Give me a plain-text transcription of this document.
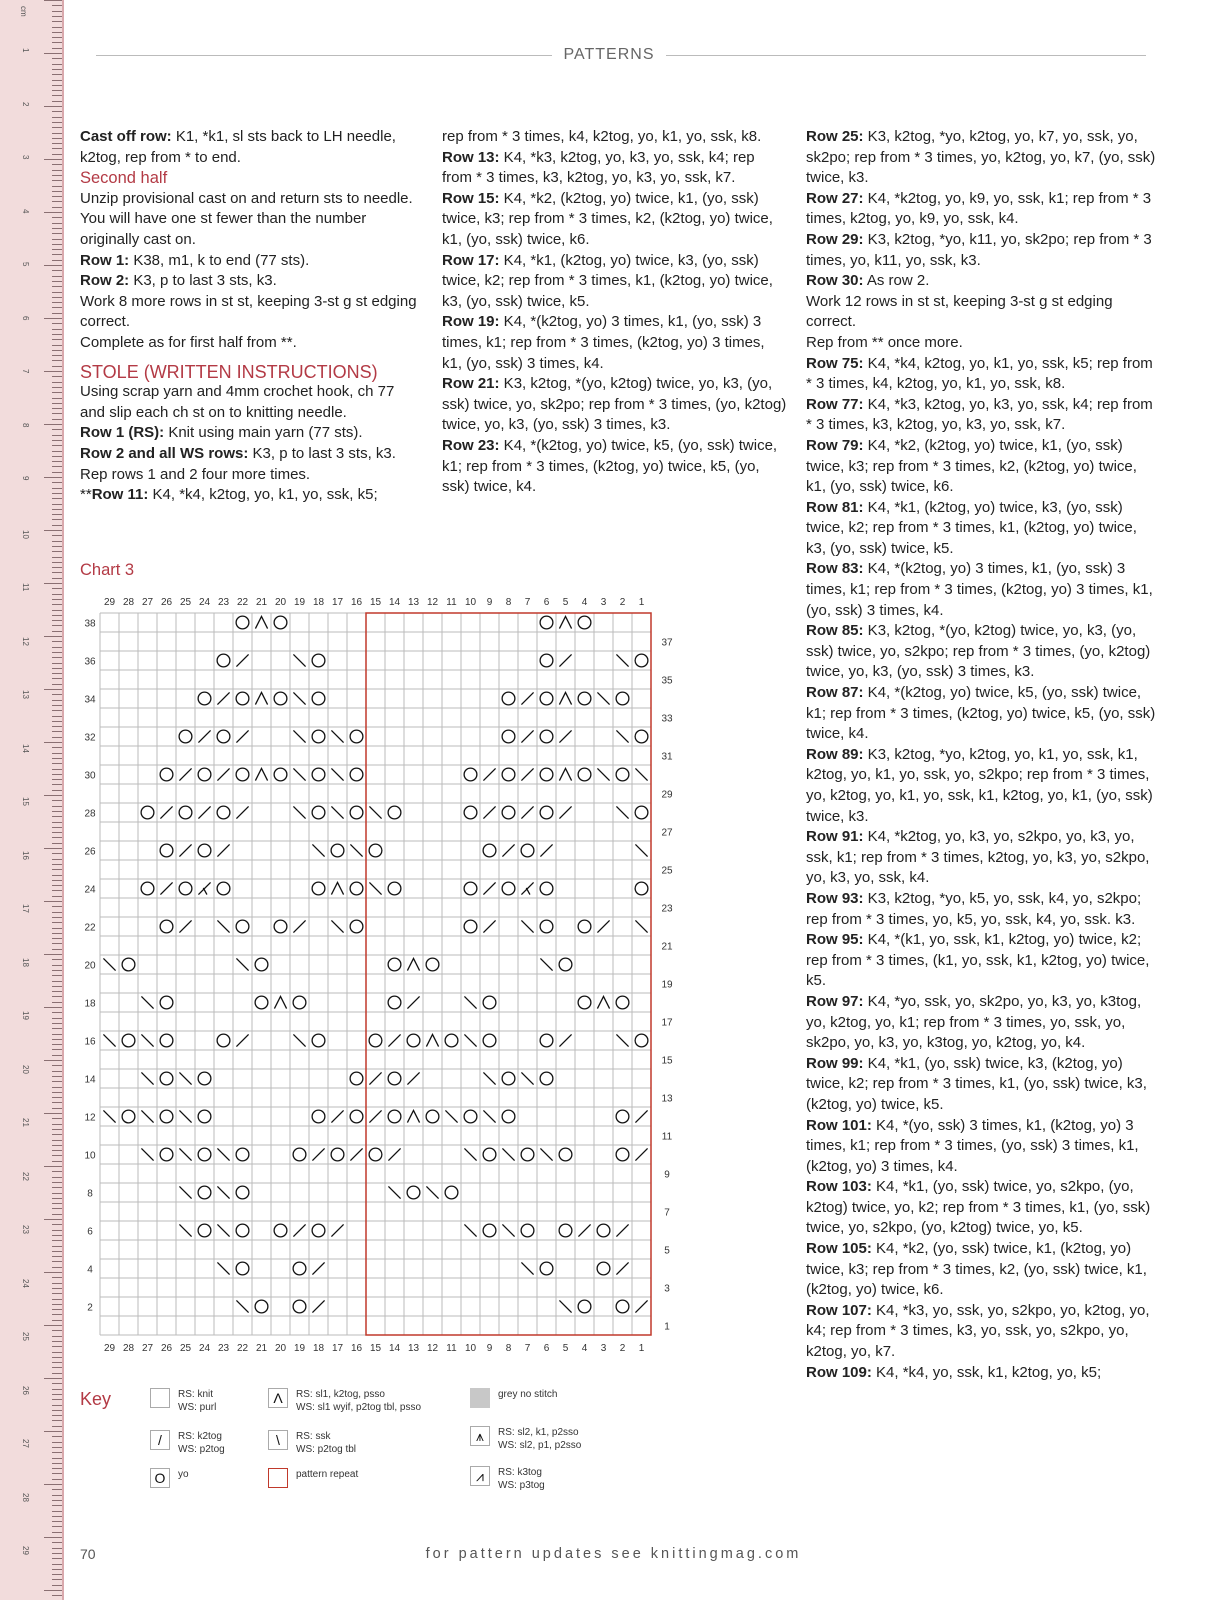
cm
1
2
3
4
5
6
7
8
9
10
11
12
13
14
15
16
17
18
19
20
21
22
23
24
25
26
27
28
29
PATTERNS

Cast off row: K1, *k1, sl sts back to LH needle, k2tog, rep from * to end.

Second half

Unzip provisional cast on and return sts to needle. You will have one st fewer than the number originally cast on.

Row 1: K38, m1, k to end (77 sts).

Row 2: K3, p to last 3 sts, k3.

Work 8 more rows in st st, keeping 3-st g st edging correct.

Complete as for first half from **.

STOLE (WRITTEN INSTRUCTIONS)

Using scrap yarn and 4mm crochet hook, ch 77 and slip each ch st on to knitting needle.

Row 1 (RS): Knit using main yarn (77 sts).

Row 2 and all WS rows: K3, p to last 3 sts, k3.

Rep rows 1 and 2 four more times.

**Row 11: K4, *k4, k2tog, yo, k1, yo, ssk, k5;

rep from * 3 times, k4, k2tog, yo, k1, yo, ssk, k8.

Row 13: K4, *k3, k2tog, yo, k3, yo, ssk, k4; rep from * 3 times, k3, k2tog, yo, k3, yo, ssk, k7.

Row 15: K4, *k2, (k2tog, yo) twice, k1, (yo, ssk) twice, k3; rep from * 3 times, k2, (k2tog, yo) twice, k1, (yo, ssk) twice, k6.

Row 17: K4, *k1, (k2tog, yo) twice, k3, (yo, ssk) twice, k2; rep from * 3 times, k1, (k2tog, yo) twice, k3, (yo, ssk) twice, k5.

Row 19: K4, *(k2tog, yo) 3 times, k1, (yo, ssk) 3 times, k1; rep from * 3 times, (k2tog, yo) 3 times, k1, (yo, ssk) 3 times, k4.

Row 21: K3, k2tog, *(yo, k2tog) twice, yo, k3, (yo, ssk) twice, yo, sk2po; rep from * 3 times, (yo, k2tog) twice, yo, k3, (yo, ssk) 3 times, k3.

Row 23: K4, *(k2tog, yo) twice, k5, (yo, ssk) twice, k1; rep from * 3 times, (k2tog, yo) twice, k5, (yo, ssk) twice, k4.

Row 25: K3, k2tog, *yo, k2tog, yo, k7, yo, ssk, yo, sk2po; rep from * 3 times, yo, k2tog, yo, k7, (yo, ssk) twice, k3.

Row 27: K4, *k2tog, yo, k9, yo, ssk, k1; rep from * 3 times, k2tog, yo, k9, yo, ssk, k4.

Row 29: K3, k2tog, *yo, k11, yo, sk2po; rep from * 3 times, yo, k11, yo, ssk, k3.

Row 30: As row 2.

Work 12 rows in st st, keeping 3-st g st edging correct.

Rep from ** once more.

Row 75: K4, *k4, k2tog, yo, k1, yo, ssk, k5; rep from * 3 times, k4, k2tog, yo, k1, yo, ssk, k8.

Row 77: K4, *k3, k2tog, yo, k3, yo, ssk, k4; rep from * 3 times, k3, k2tog, yo, k3, yo, ssk, k7.

Row 79: K4, *k2, (k2tog, yo) twice, k1, (yo, ssk) twice, k3; rep from * 3 times, k2, (k2tog, yo) twice, k1, (yo, ssk) twice, k6.

Row 81: K4, *k1, (k2tog, yo) twice, k3, (yo, ssk) twice, k2; rep from * 3 times, k1, (k2tog, yo) twice, k3, (yo, ssk) twice, k5.

Row 83: K4, *(k2tog, yo) 3 times, k1, (yo, ssk) 3 times, k1; rep from * 3 times, (k2tog, yo) 3 times, k1, (yo, ssk) 3 times, k4.

Row 85: K3, k2tog, *(yo, k2tog) twice, yo, k3, (yo, ssk) twice, yo, s2kpo; rep from * 3 times, (yo, k2tog) twice, yo, k3, (yo, ssk) 3 times, k3.

Row 87: K4, *(k2tog, yo) twice, k5, (yo, ssk) twice, k1; rep from * 3 times, (k2tog, yo) twice, k5, (yo, ssk) twice, k4.

Row 89: K3, k2tog, *yo, k2tog, yo, k1, yo, ssk, k1, k2tog, yo, k1, yo, ssk, yo, s2kpo; rep from * 3 times, yo, k2tog, yo, k1, yo, ssk, k1, k2tog, yo, k1, (yo, ssk) twice, k3.

Row 91: K4, *k2tog, yo, k3, yo, s2kpo, yo, k3, yo, ssk, k1; rep from * 3 times, k2tog, yo, k3, yo, s2kpo, yo, k3, yo, ssk, k4.

Row 93: K3, k2tog, *yo, k5, yo, ssk, k4, yo, s2kpo; rep from * 3 times, yo, k5, yo, ssk, k4, yo, ssk. k3.

Row 95: K4, *(k1, yo, ssk, k1, k2tog, yo) twice, k2; rep from * 3 times, (k1, yo, ssk, k1, k2tog, yo) twice, k5.

Row 97: K4, *yo, ssk, yo, sk2po, yo, k3, yo, k3tog, yo, k2tog, yo, k1; rep from * 3 times, yo, ssk, yo, sk2po, yo, k3, yo, k3tog, yo, k2tog, yo, k4.

Row 99: K4, *k1, (yo, ssk) twice, k3, (k2tog, yo) twice, k2; rep from * 3 times, k1, (yo, ssk) twice, k3, (k2tog, yo) twice, k5.

Row 101: K4, *(yo, ssk) 3 times, k1, (k2tog, yo) 3 times, k1; rep from * 3 times, (yo, ssk) 3 times, k1, (k2tog, yo) 3 times, k4.

Row 103: K4, *k1, (yo, ssk) twice, yo, s2kpo, (yo, k2tog) twice, yo, k2; rep from * 3 times, k1, (yo, ssk) twice, yo, s2kpo, (yo, k2tog) twice, yo, k5.

Row 105: K4, *k2, (yo, ssk) twice, k1, (k2tog, yo) twice, k3; rep from * 3 times, k2, (yo, ssk) twice, k1, (k2tog, yo) twice, k6.

Row 107: K4, *k3, yo, ssk, yo, s2kpo, yo, k2tog, yo, k4; rep from * 3 times, k3, yo, ssk, yo, s2kpo, yo, k2tog, yo, k7.

Row 109: K4, *k4, yo, ssk, k1, k2tog, yo, k5;

Chart 3
29
29
28
28
27
27
26
26
25
25
24
24
23
23
22
22
21
21
20
20
19
19
18
18
17
17
16
16
15
15
14
14
13
13
12
12
11
11
10
10
9
9
8
8
7
7
6
6
5
5
4
4
3
3
2
2
1
1
38
36
34
32
30
28
26
24
22
20
18
16
14
12
10
8
6
4
2
37
35
33
31
29
27
25
23
21
19
17
15
13
11
9
7
5
3
1
Key	RS: knit
WS: purl
/	RS: k2tog
WS: p2tog
O	yo
Λ	RS: sl1, k2tog, psso
WS: sl1 wyif, p2tog tbl, psso
\	RS: ssk
WS: p2tog tbl
pattern repeat
grey no stitch
⩚	RS: sl2, k1, p2sso
WS: sl2, p1, p2sso
⩘	RS: k3tog
WS: p3tog
70	for pattern updates see knittingmag.com
